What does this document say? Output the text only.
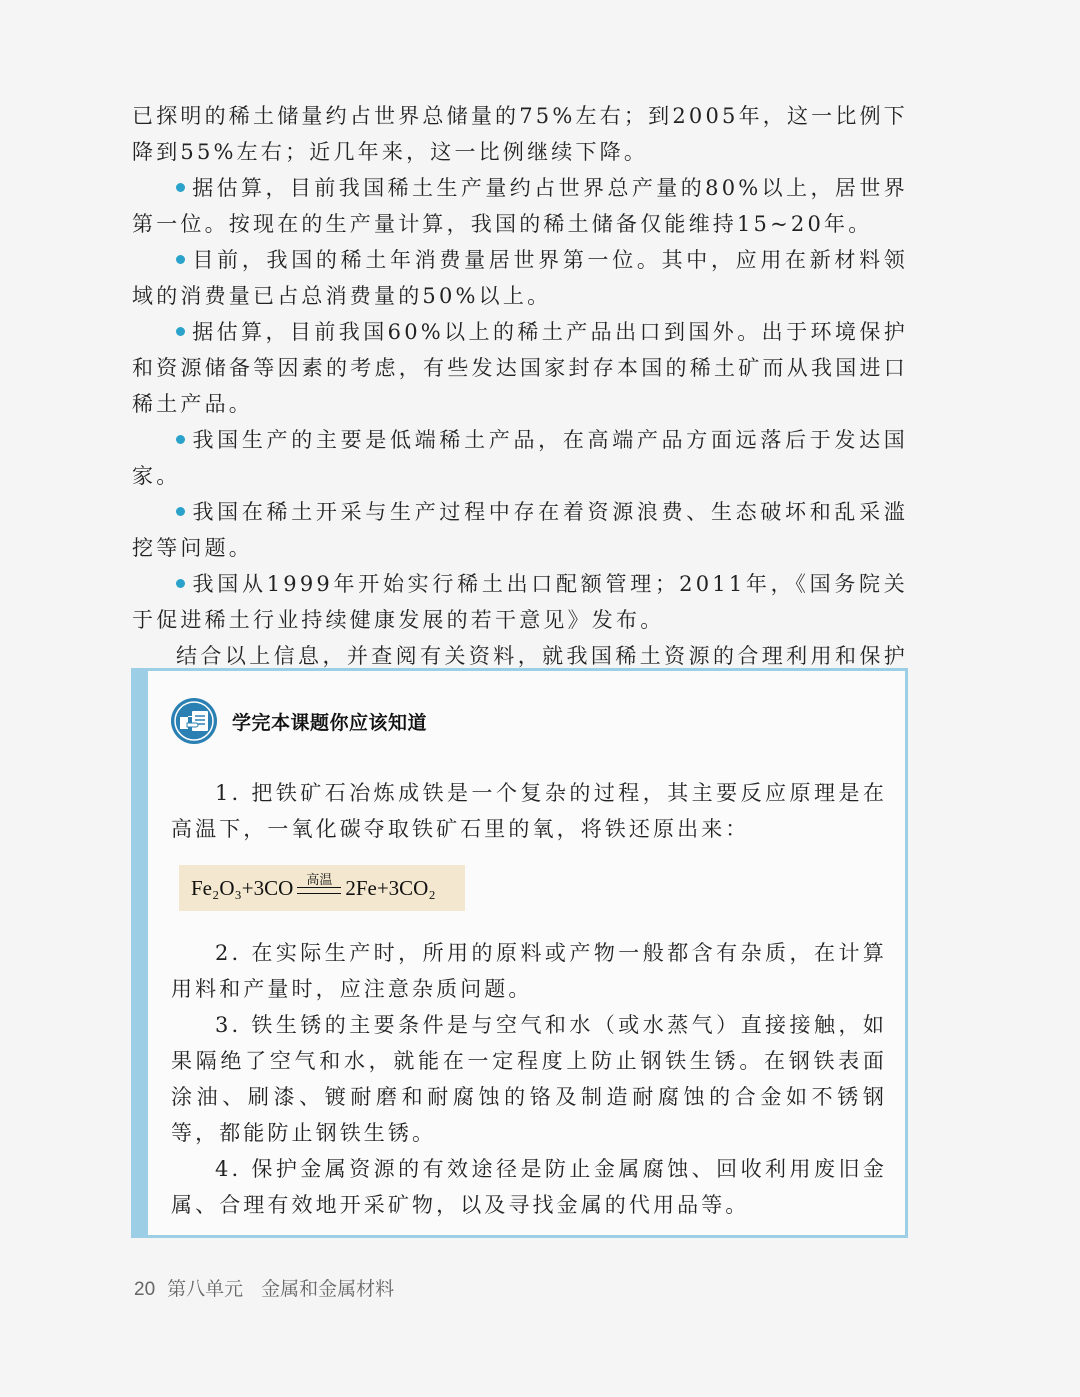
已探明的稀土储量约占世界总储量的75%左右；到2005年，这一比例下降到55%左右；近几年来，这一比例继续下降。

据估算，目前我国稀土生产量约占世界总产量的80%以上，居世界第一位。按现在的生产量计算，我国的稀土储备仅能维持15~20年。

目前，我国的稀土年消费量居世界第一位。其中，应用在新材料领域的消费量已占总消费量的50%以上。

据估算，目前我国60%以上的稀土产品出口到国外。出于环境保护和资源储备等因素的考虑，有些发达国家封存本国的稀土矿而从我国进口稀土产品。

我国生产的主要是低端稀土产品，在高端产品方面远落后于发达国家。

我国在稀土开采与生产过程中存在着资源浪费、生态破坏和乱采滥挖等问题。

我国从1999年开始实行稀土出口配额管理；2011年，《国务院关于促进稀土行业持续健康发展的若干意见》发布。

结合以上信息，并查阅有关资料，就我国稀土资源的合理利用和保护

学完本课题你应该知道

1. 把铁矿石冶炼成铁是一个复杂的过程，其主要反应原理是在高温下，一氧化碳夺取铁矿石里的氧，将铁还原出来：

Fe₂O₃+3CO 高温 2Fe+3CO₂

2. 在实际生产时，所用的原料或产物一般都含有杂质，在计算用料和产量时，应注意杂质问题。

3. 铁生锈的主要条件是与空气和水（或水蒸气）直接接触，如果隔绝了空气和水，就能在一定程度上防止钢铁生锈。在钢铁表面涂油、刷漆、镀耐磨和耐腐蚀的铬及制造耐腐蚀的合金如不锈钢等，都能防止钢铁生锈。

4. 保护金属资源的有效途径是防止金属腐蚀、回收利用废旧金属、合理有效地开采矿物，以及寻找金属的代用品等。

20 第八单元 金属和金属材料
